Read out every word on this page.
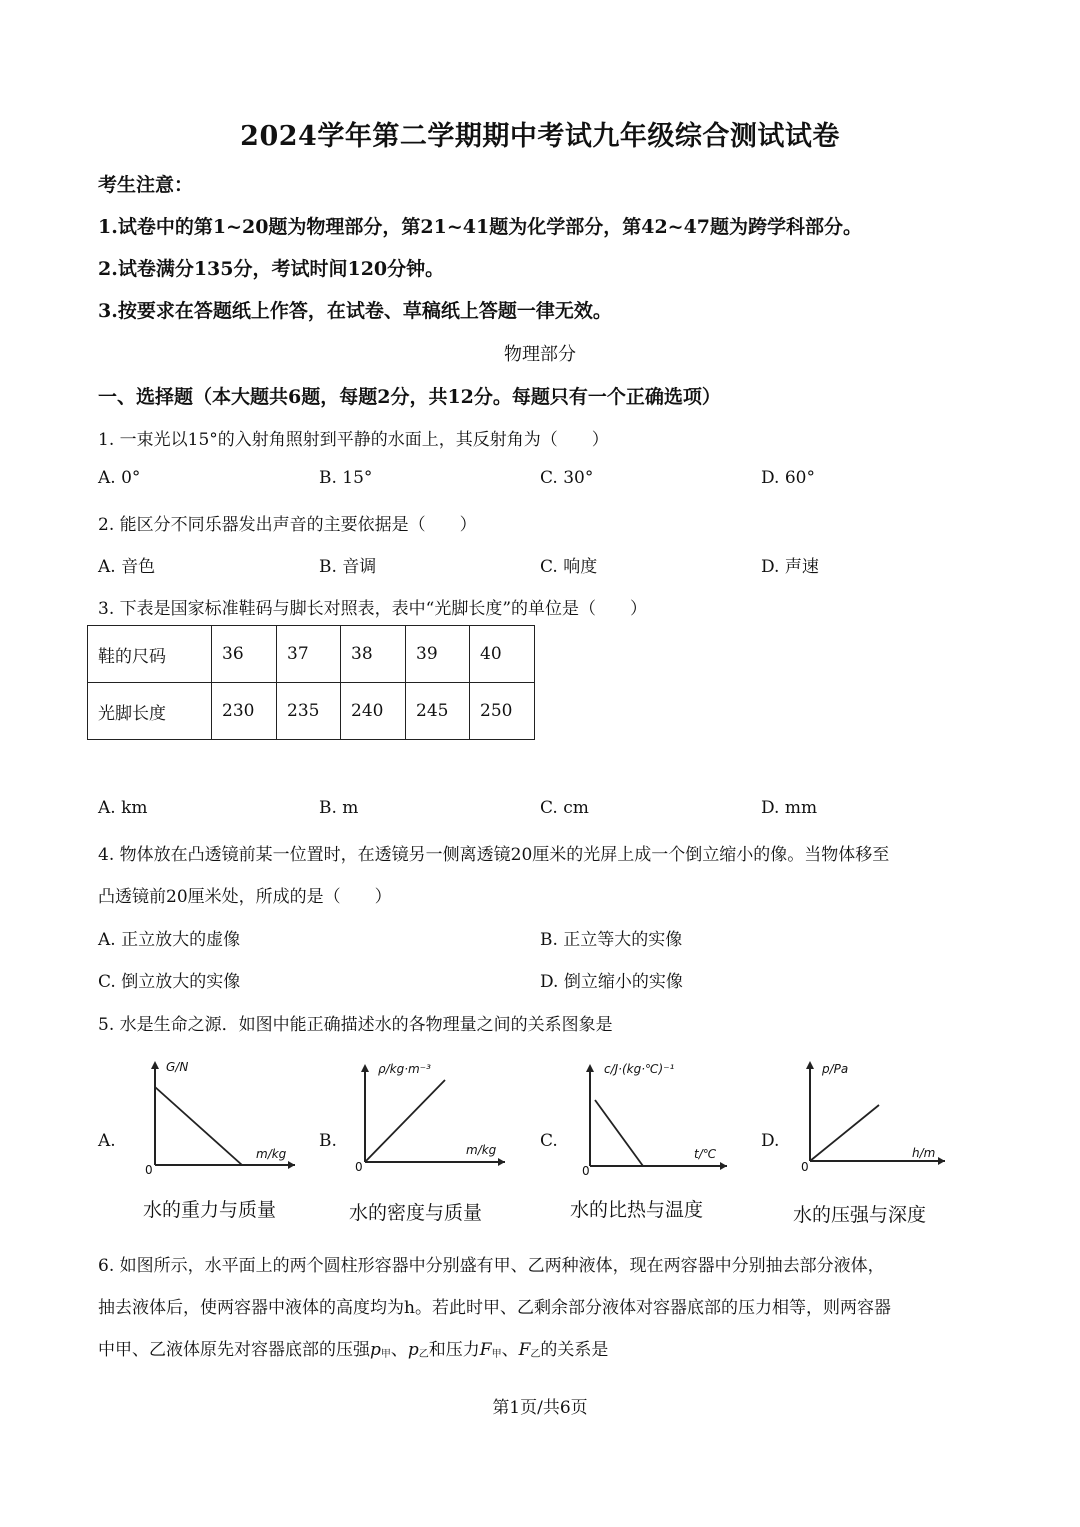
2024学年第二学期期中考试九年级综合测试试卷
考生注意：
1.试卷中的第1~20题为物理部分，第21~41题为化学部分，第42~47题为跨学科部分。
2.试卷满分135分，考试时间120分钟。
3.按要求在答题纸上作答，在试卷、草稿纸上答题一律无效。
物理部分
一、选择题（本大题共6题，每题2分，共12分。每题只有一个正确选项）
1. 一束光以15°的入射角照射到平静的水面上，其反射角为（　　）
A. 0°	B. 15°	C. 30°	D. 60°
2. 能区分不同乐器发出声音的主要依据是（　　）
A. 音色	B. 音调	C. 响度	D. 声速
3. 下表是国家标准鞋码与脚长对照表，表中“光脚长度”的单位是（　　）
鞋的尺码	36	37	38	39	40
光脚长度	230	235	240	245	250
A. km	B. m	C. cm	D. mm
4. 物体放在凸透镜前某一位置时，在透镜另一侧离透镜20厘米的光屏上成一个倒立缩小的像。当物体移至
凸透镜前20厘米处，所成的是（　　）
A. 正立放大的虚像	B. 正立等大的实像
C. 倒立放大的实像	D. 倒立缩小的实像
5. 水是生命之源．如图中能正确描述水的各物理量之间的关系图象是
A.
G/N
m/kg
0
水的重力与质量
B.
ρ/kg·m⁻³
m/kg
0
水的密度与质量
C.
c/J·(kg·℃)⁻¹
t/℃
0
水的比热与温度
D.
p/Pa
h/m
0
水的压强与深度
6. 如图所示，水平面上的两个圆柱形容器中分别盛有甲、乙两种液体，现在两容器中分别抽去部分液体，
抽去液体后，使两容器中液体的高度均为h。若此时甲、乙剩余部分液体对容器底部的压力相等，则两容器
中甲、乙液体原先对容器底部的压强$p_甲$、$p_乙$和压力$F_甲$、$F_乙$的关系是
第1页/共6页
